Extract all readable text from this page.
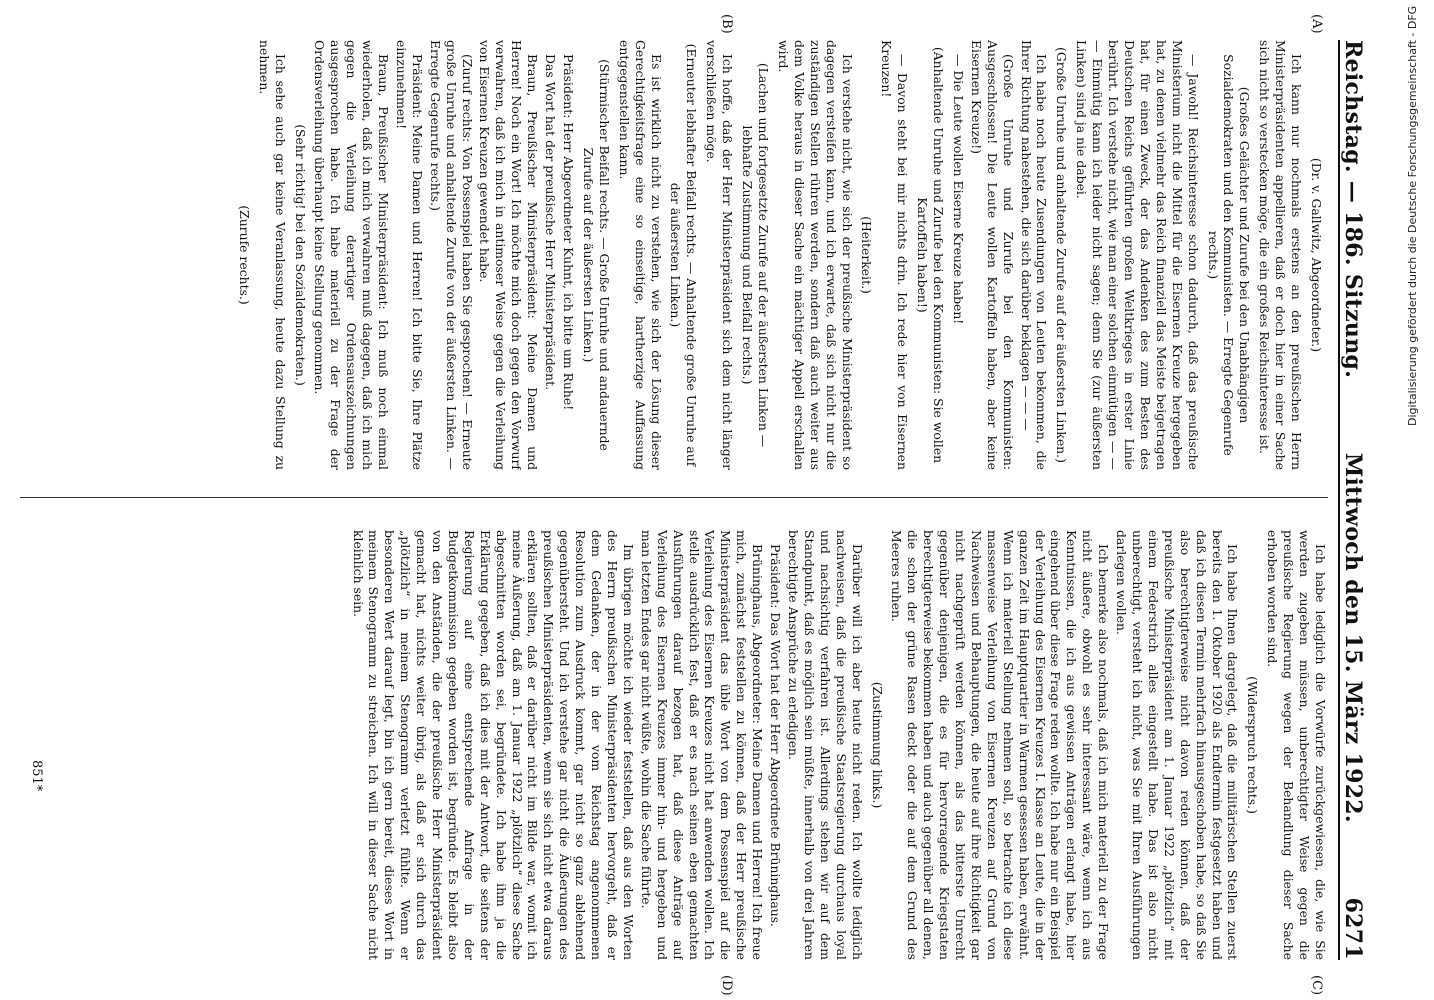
Reichstag. — 186. Sitzung.
Mittwoch den 15. März 1922.
6271
(A)
(B)
(C)
(D)

(Dr. v. Gallwitz, Abgeordneter.)

Ich kann nur nochmals erstens an den preußischen Herrn Ministerpräsidenten appellieren, daß er doch hier in einer Sache sich nicht so verstecken möge, die ein großes Reichsinteresse ist.

(Großes Gelächter und Zurufe bei den Unabhängigen Sozialdemokraten und den Kommunisten. — Erregte Gegenrufe rechts.)

— Jawohl! Reichsinteresse schon dadurch, daß das preußische Ministerium nicht die Mittel für die Eisernen Kreuze hergegeben hat, zu denen vielmehr das Reich finanziell das Meiste beigetragen hat, für einen Zweck, der das Andenken des zum Besten des Deutschen Reichs geführten großen Weltkrieges in erster Linie berührt. Ich verstehe nicht, wie man einer solchen einmütigen — — — Einmütig kann ich leider nicht sagen; denn Sie (zur äußersten Linken) sind ja nie dabei.

(Große Unruhe und anhaltende Zurufe auf der äußersten Linken.)

Ich habe noch heute Zusendungen von Leuten bekommen, die Ihrer Richtung nahestehen, die sich darüber beklagen — — —

(Große Unruhe und Zurufe bei den Kommunisten: Ausgeschlossen! Die Leute wollen Kartoffeln haben, aber keine Eisernen Kreuze!)

— Die Leute wollen Eiserne Kreuze haben!

(Anhaltende Unruhe und Zurufe bei den Kommunisten: Sie wollen Kartoffeln haben!)

— Davon steht bei mir nichts drin. Ich rede hier von Eisernen Kreuzen!

(Heiterkeit.)

Ich verstehe nicht, wie sich der preußische Ministerpräsident so dagegen versteifen kann, und ich erwarte, daß sich nicht nur die zuständigen Stellen rühren werden, sondern daß auch weiter aus dem Volke heraus in dieser Sache ein mächtiger Appell erschallen wird.

(Lachen und fortgesetzte Zurufe auf der äußersten Linken — lebhafte Zustimmung und Beifall rechts.)

Ich hoffe, daß der Herr Ministerpräsident sich dem nicht länger verschließen möge.

(Erneuter lebhafter Beifall rechts. — Anhaltende große Unruhe auf der äußersten Linken.)

Es ist wirklich nicht zu verstehen, wie sich der Lösung dieser Gerechtigkeitsfrage eine so einseitige, hartherzige Auffassung entgegenstellen kann.

(Stürmischer Beifall rechts. — Große Unruhe und andauernde Zurufe auf der äußersten Linken.)

Präsident: Herr Abgeordneter Kuhnt, ich bitte um Ruhe!

Das Wort hat der preußische Herr Ministerpräsident.

Braun, Preußischer Ministerpräsident: Meine Damen und Herren! Noch ein Wort! Ich möchte mich doch gegen den Vorwurf verwahren, daß ich mich in antimoser Weise gegen die Verleihung von Eisernen Kreuzen gewendet habe.

(Zuruf rechts: Von Possenspiel haben Sie gesprochen! — Erneute große Unruhe und anhaltende Zurufe von der äußersten Linken. — Erregte Gegenrufe rechts.)

Präsident: Meine Damen und Herren! Ich bitte Sie, Ihre Plätze einzunehmen!

Braun, Preußischer Ministerpräsident: Ich muß noch einmal wiederholen, daß ich mich verwahren muß dagegen, daß ich mich gegen die Verleihung derartiger Ordensauszeichnungen ausgesprochen habe. Ich habe materiell zu der Frage der Ordensverleihung überhaupt keine Stellung genommen.

(Sehr richtig! bei den Sozialdemokraten.)

Ich sehe auch gar keine Veranlassung, heute dazu Stellung zu nehmen.

(Zurufe rechts.)

Ich habe lediglich die Vorwürfe zurückgewiesen, die, wie Sie werden zugeben müssen, unberechtigter Weise gegen die preußische Regierung wegen der Behandlung dieser Sache erhoben worden sind.

(Widerspruch rechts.)

Ich habe Ihnen dargelegt, daß die militärischen Stellen zuerst bereits den 1. Oktober 1920 als Endtermin festgesetzt haben und daß ich diesen Termin mehrfach hinausgeschoben habe, so daß Sie also berechtigterweise nicht davon reden können, daß der preußische Ministerpräsident am 1. Januar 1922 „plötzlich“ mit einem Federstrich alles eingestellt habe. Das ist also nicht unberechtigt, versteht ich nicht, was Sie mit Ihren Ausführungen darlegen wollen.

Ich bemerke also nochmals, daß ich mich materiell zu der Frage nicht äußere, obwohl es sehr interessant wäre, wenn ich aus Kenntnissen, die ich aus gewissen Anträgen erlangt habe, hier eingehend über diese Frage reden wollte. Ich habe nur ein Beispiel der Verleihung des Eisernen Kreuzes I. Klasse an Leute, die in der ganzen Zeit im Hauptquartier in Warmen gesessen haben, erwähnt. Wenn ich materiell Stellung nehmen soll, so betrachte ich diese massenweise Verleihung von Eisernen Kreuzen auf Grund von Nachweisen und Behauptungen, die heute auf ihre Richtigkeit gar nicht nachgeprüft werden können, als das bitterste Unrecht gegenüber denjenigen, die es für hervorragende Kriegstaten berechtigterweise bekommen haben und auch gegenüber all denen, die schon der grüne Rasen deckt oder die auf dem Grund des Meeres ruhen.

(Zustimmung links.)

Darüber will ich aber heute nicht reden. Ich wollte lediglich nachweisen, daß die preußische Staatsregierung durchaus loyal und nachsichtig verfahren ist. Allerdings stehen wir auf dem Standpunkt, daß es möglich sein müßte, innerhalb von drei Jahren berechtigte Ansprüche zu erledigen.

Präsident: Das Wort hat der Herr Abgeordnete Brüninghaus.

Brüninghaus, Abgeordneter: Meine Damen und Herren! Ich freue mich, zunächst feststellen zu können, daß der Herr preußische Ministerpräsident das üble Wort von dem Possenspiel auf die Verleihung des Eisernen Kreuzes nicht hat anwenden wollen. Ich stelle ausdrücklich fest, daß er es nach seinen eben gemachten Ausführungen darauf bezogen hat, daß diese Anträge auf Verleihung des Eisernen Kreuzes immer hin- und hergeben und man letzten Endes gar nicht wüßte, wohin die Sache führte.

Im übrigen möchte ich wieder feststellen, daß aus den Worten des Herrn preußischen Ministerpräsidenten hervorgeht, daß er dem Gedanken, der in der vom Reichstag angenommenen Resolution zum Ausdruck kommt, gar nicht so ganz ablehnend gegenübersteht. Und ich verstehe gar nicht die Äußerungen des preußischen Ministerpräsidenten, wenn sie sich nicht etwa daraus erklären sollten, daß er darüber nicht im Bilde war, womit ich meine Äußerung, daß am 1. Januar 1922 „plötzlich“ diese Sache abgeschnitten worden sei, begründete. Ich habe ihm ja die Erklärung gegeben, daß ich dies mit der Antwort, die seitens der Regierung auf eine entsprechende Anfrage in der Budgetkommission gegeben worden ist, begründe. Es bleibt also von den Anständen, die der preußische Herr Ministerpräsident gemacht hat, nichts weiter übrig, als daß er sich durch das „plötzlich“ in meinem Stenogramm verletzt fühlte. Wenn er besonderen Wert darauf legt, bin ich gern bereit, dieses Wort in meinem Stenogramm zu streichen. Ich will in dieser Sache nicht kleinlich sein.

851*
Digitalisierung gefördert durch die Deutsche Forschungsgemeinschaft - DFG
